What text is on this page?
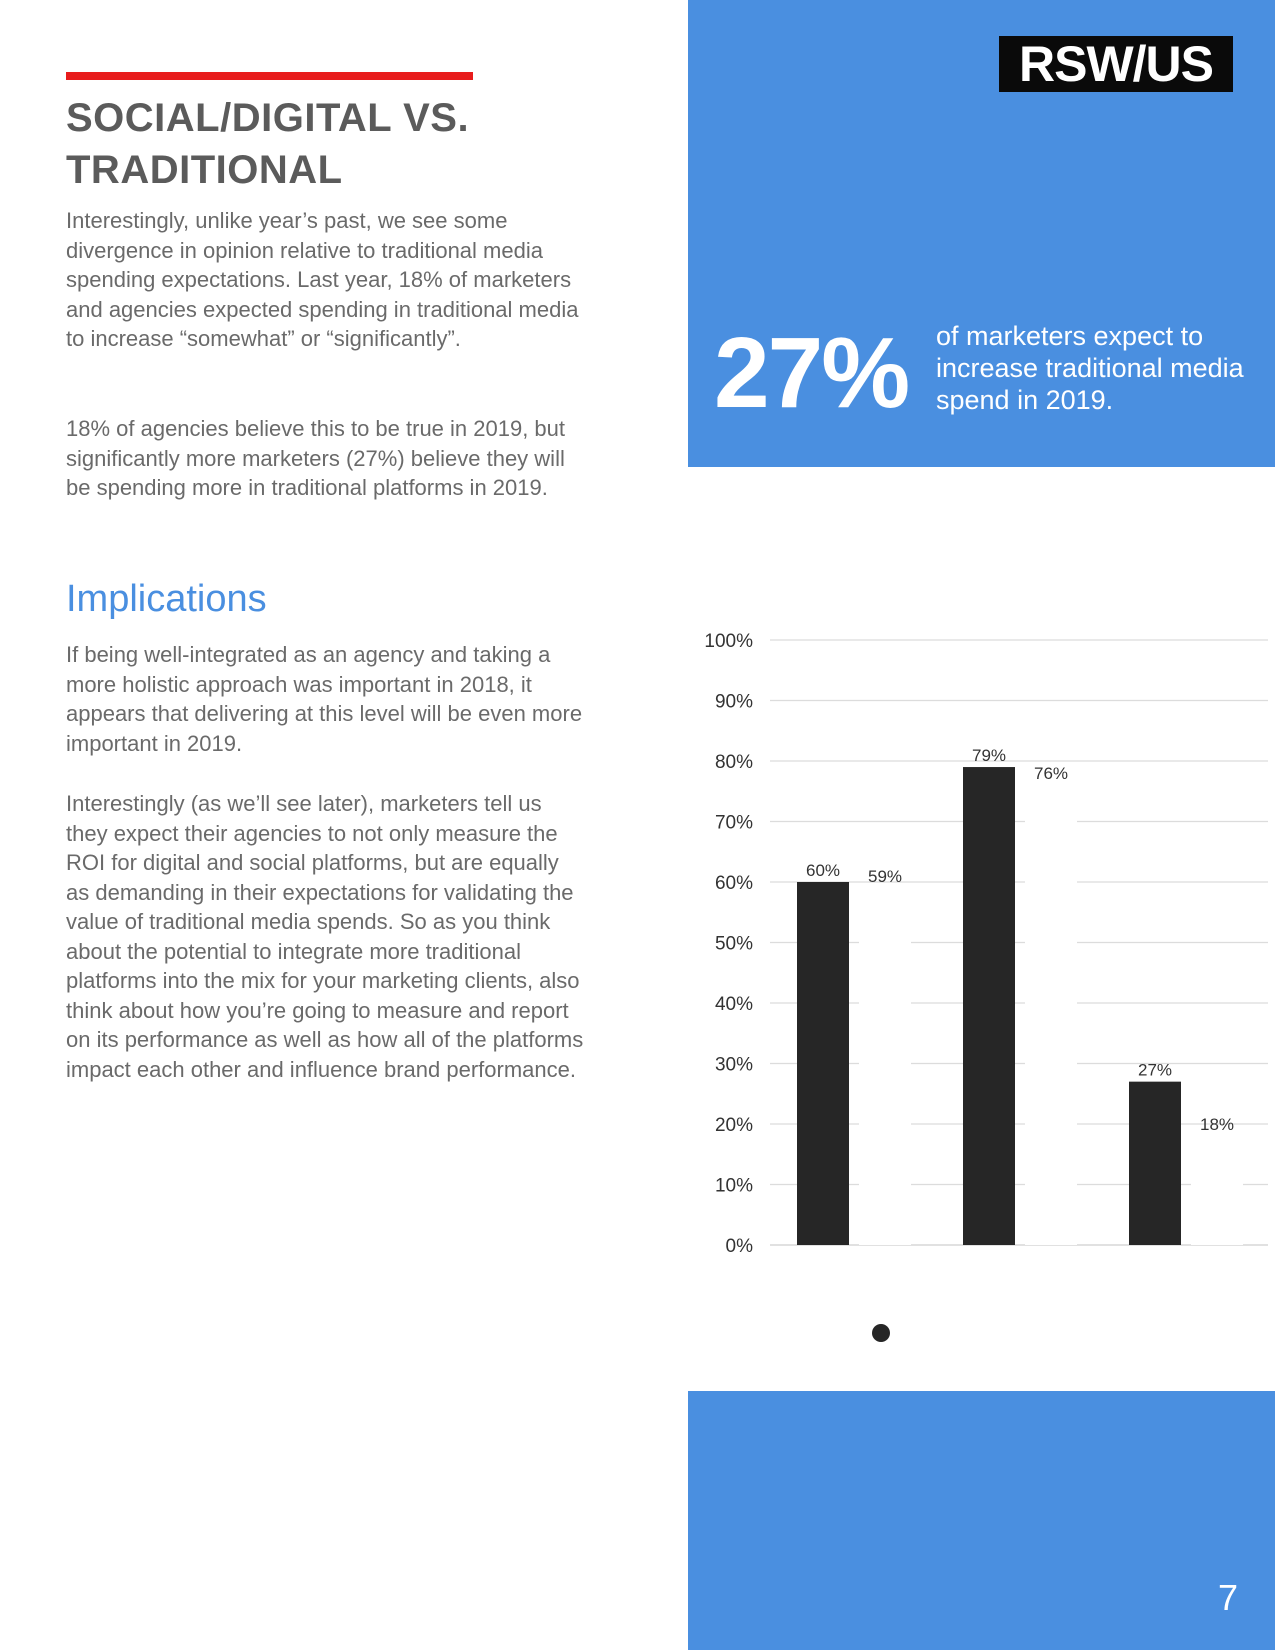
SOCIAL/DIGITAL VS.
TRADITIONAL

Interestingly, unlike year’s past, we see some divergence in opinion relative to traditional media spending expectations. Last year, 18% of marketers and agencies expected spending in traditional media to increase “somewhat” or “significantly”.

18% of agencies believe this to be true in 2019, but significantly more marketers (27%) believe they will be spending more in traditional platforms in 2019.

Implications

If being well-integrated as an agency and taking a more holistic approach was important in 2018, it appears that delivering at this level will be even more important in 2019.

Interestingly (as we’ll see later), marketers tell us they expect their agencies to not only measure the ROI for digital and social platforms, but are equally as demanding in their expectations for validating the value of traditional media spends. So as you think about the potential to integrate more traditional platforms into the mix for your marketing clients, also think about how you’re going to measure and report on its performance as well as how all of the platforms impact each other and influence brand performance.

RSW/US
27% of marketers expect to increase traditional media spend in 2019.
0%
10%
20%
30%
40%
50%
60%
70%
80%
90%
100%
60%
79%
27%
59%
76%
18%
7
